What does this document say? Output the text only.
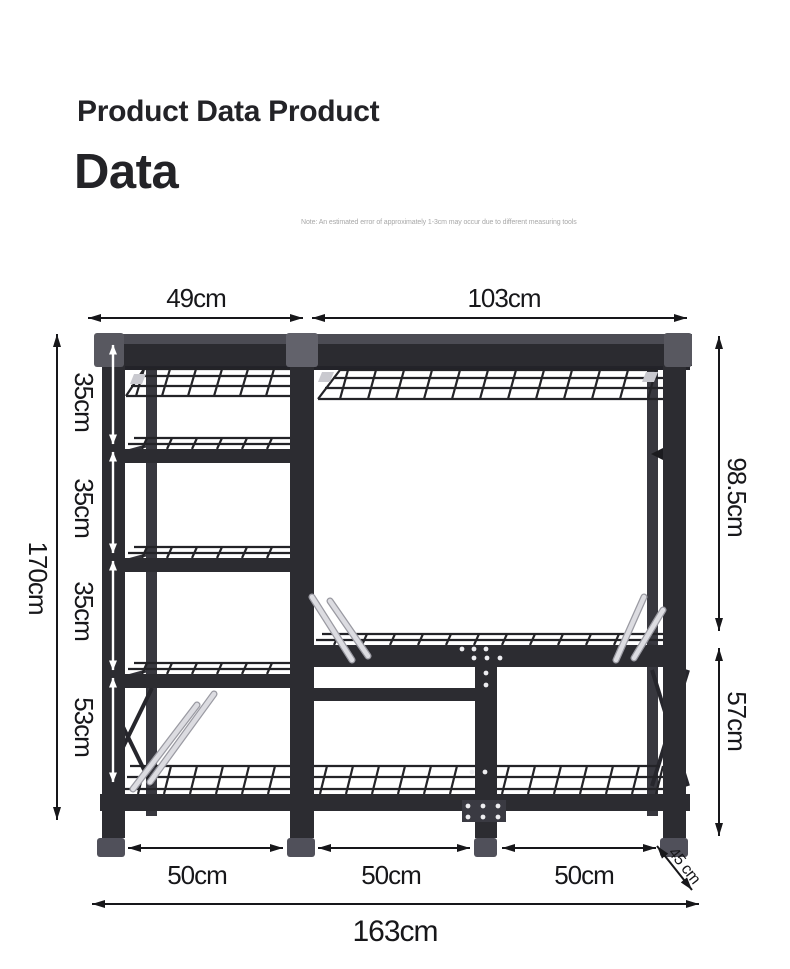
Product Data Product
Data
Note: An estimated error of approximately 1-3cm may occur due to different measuring tools
49cm	103cm
170cm
35cm
35cm
35cm
53cm
98.5cm
57cm
50cm	50cm	50cm	45 cm
163cm
